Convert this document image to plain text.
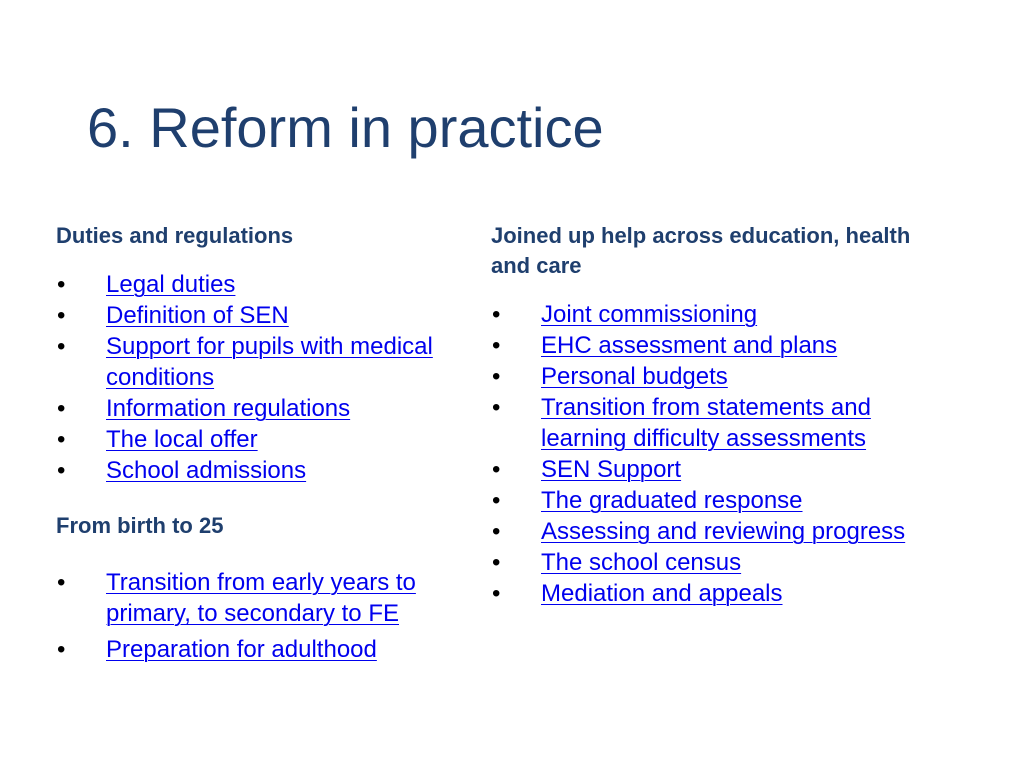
6. Reform in practice
Duties and regulations
• Legal duties
• Definition of SEN
• Support for pupils with medical conditions
• Information regulations
• The local offer
• School admissions
From birth to 25
• Transition from early years to primary, to secondary to FE
• Preparation for adulthood
Joined up help across education, health and care
• Joint commissioning
• EHC assessment and plans
• Personal budgets
• Transition from statements and learning difficulty assessments
• SEN Support
• The graduated response
• Assessing and reviewing progress
• The school census
• Mediation and appeals
